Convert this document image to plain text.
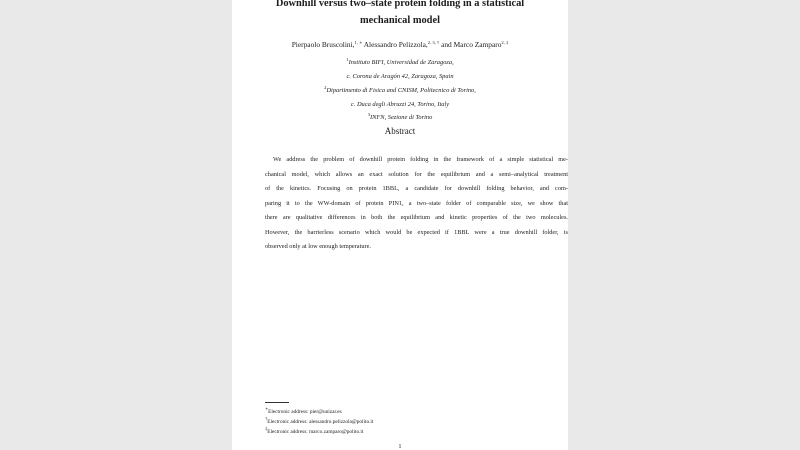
Downhill versus two–state protein folding in a statistical
mechanical model
Pierpaolo Bruscolini,$^{1, ∗}$ Alessandro Pelizzola,$^{2, 3, \dagger}$ and Marco Zamparo$^{2, \ddagger}$
$^1$Instituto BIFI, Universidad de Zaragoza,
c. Corona de Aragón 42, Zaragoza, Spain
$^2$Dipartimento di Fisica and CNISM, Politecnico di Torino,
c. Duca degli Abruzzi 24, Torino, Italy
$^3$INFN, Sezione di Torino
Abstract
We address the problem of downhill protein folding in the framework of a simple statistical me-
chanical model, which allows an exact solution for the equilibrium and a semi–analytical treatment
of the kinetics. Focusing on protein 1BBL, a candidate for downhill folding behavior, and com-
paring it to the WW-domain of protein PIN1, a two–state folder of comparable size, we show that
there are qualitative differences in both the equilibrium and kinetic properties of the two molecules.
However, the barrierless scenario which would be expected if 1BBL were a true downhill folder, is
observed only at low enough temperature.
∗Electronic address: pier@unizar.es
†Electronic address: alessandro.pelizzola@polito.it
‡Electronic address: marco.zamparo@polito.it
1
